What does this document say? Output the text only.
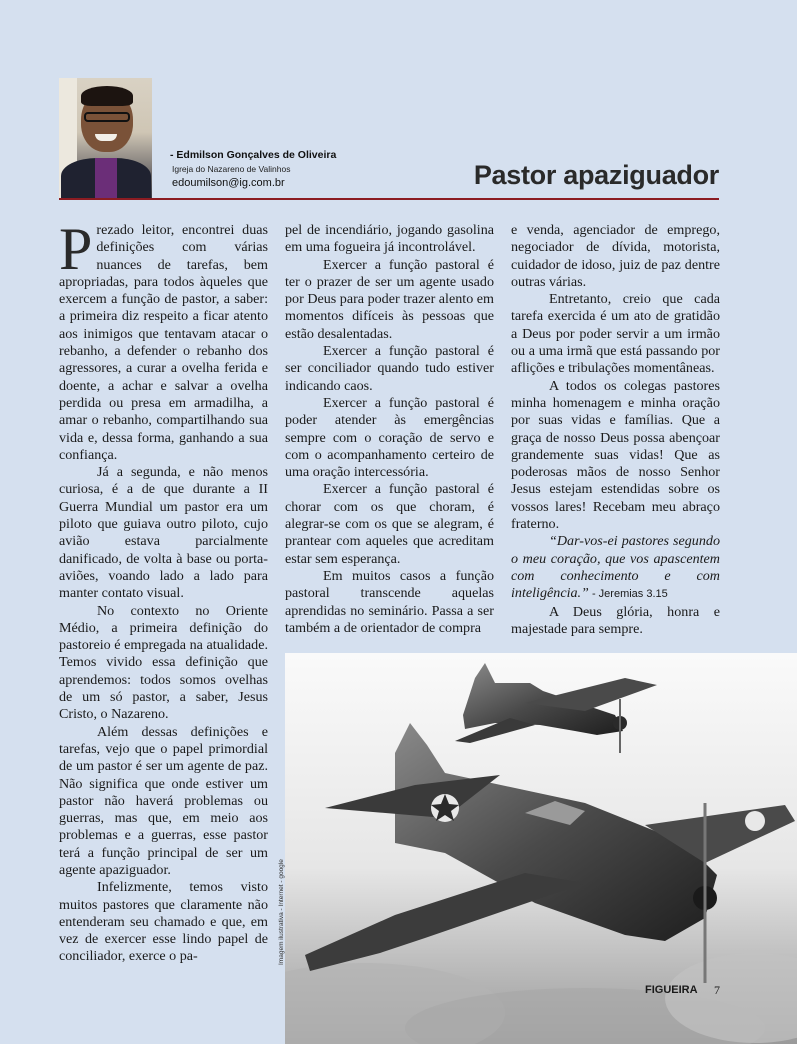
- Edmilson Gonçalves de Oliveira
Igreja do Nazareno de Valinhos
edoumilson@ig.com.br	Pastor apaziguador

Prezado leitor, encontrei duas definições com várias nuances de tarefas, bem apropriadas, para todos àqueles que exercem a função de pastor, a saber: a primeira diz respeito a ficar atento aos inimigos que tentavam atacar o rebanho, a defender o rebanho dos agressores, a curar a ovelha ferida e doente, a achar e salvar a ovelha perdida ou presa em armadilha, a amar o rebanho, compartilhando sua vida e, dessa forma, ganhando a sua confiança.

Já a segunda, e não menos curiosa, é a de que durante a II Guerra Mundial um pastor era um piloto que guiava outro piloto, cujo avião estava parcialmente danificado, de volta à base ou porta-aviões, voando lado a lado para manter contato visual.

No contexto no Oriente Médio, a primeira definição do pastoreio é empregada na atualidade. Temos vivido essa definição que aprendemos: todos somos ovelhas de um só pastor, a saber, Jesus Cristo, o Nazareno.

Além dessas definições e tarefas, vejo que o papel primordial de um pastor é ser um agente de paz. Não significa que onde estiver um pastor não haverá problemas ou guerras, mas que, em meio aos problemas e a guerras, esse pastor terá a função principal de ser um agente apaziguador.

Infelizmente, temos visto muitos pastores que claramente não entenderam seu chamado e que, em vez de exercer esse lindo papel de conciliador, exerce o pa-

pel de incendiário, jogando gasolina em uma fogueira já incontrolável.

Exercer a função pastoral é ter o prazer de ser um agente usado por Deus para poder trazer alento em momentos difíceis às pessoas que estão desalentadas.

Exercer a função pastoral é ser conciliador quando tudo estiver indicando caos.

Exercer a função pastoral é poder atender às emergências sempre com o coração de servo e com o acompanhamento certeiro de uma oração intercessória.

Exercer a função pastoral é chorar com os que choram, é alegrar-se com os que se alegram, é prantear com aqueles que acreditam estar sem esperança.

Em muitos casos a função pastoral transcende aquelas aprendidas no seminário. Passa a ser também a de orientador de compra

e venda, agenciador de emprego, negociador de dívida, motorista, cuidador de idoso, juiz de paz dentre outras várias.

Entretanto, creio que cada tarefa exercida é um ato de gratidão a Deus por poder servir a um irmão ou a uma irmã que está passando por aflições e tribulações momentâneas.

A todos os colegas pastores minha homenagem e minha oração por suas vidas e famílias. Que a graça de nosso Deus possa abençoar grandemente suas vidas! Que as poderosas mãos de nosso Senhor Jesus estejam estendidas sobre os vossos lares! Recebam meu abraço fraterno.

“Dar-vos-ei pastores segundo o meu coração, que vos apascentem com conhecimento e com inteligência.” - Jeremias 3.15

A Deus glória, honra e majestade para sempre.

Imagem ilustrativa - Internet - google
FIGUEIRA 7
